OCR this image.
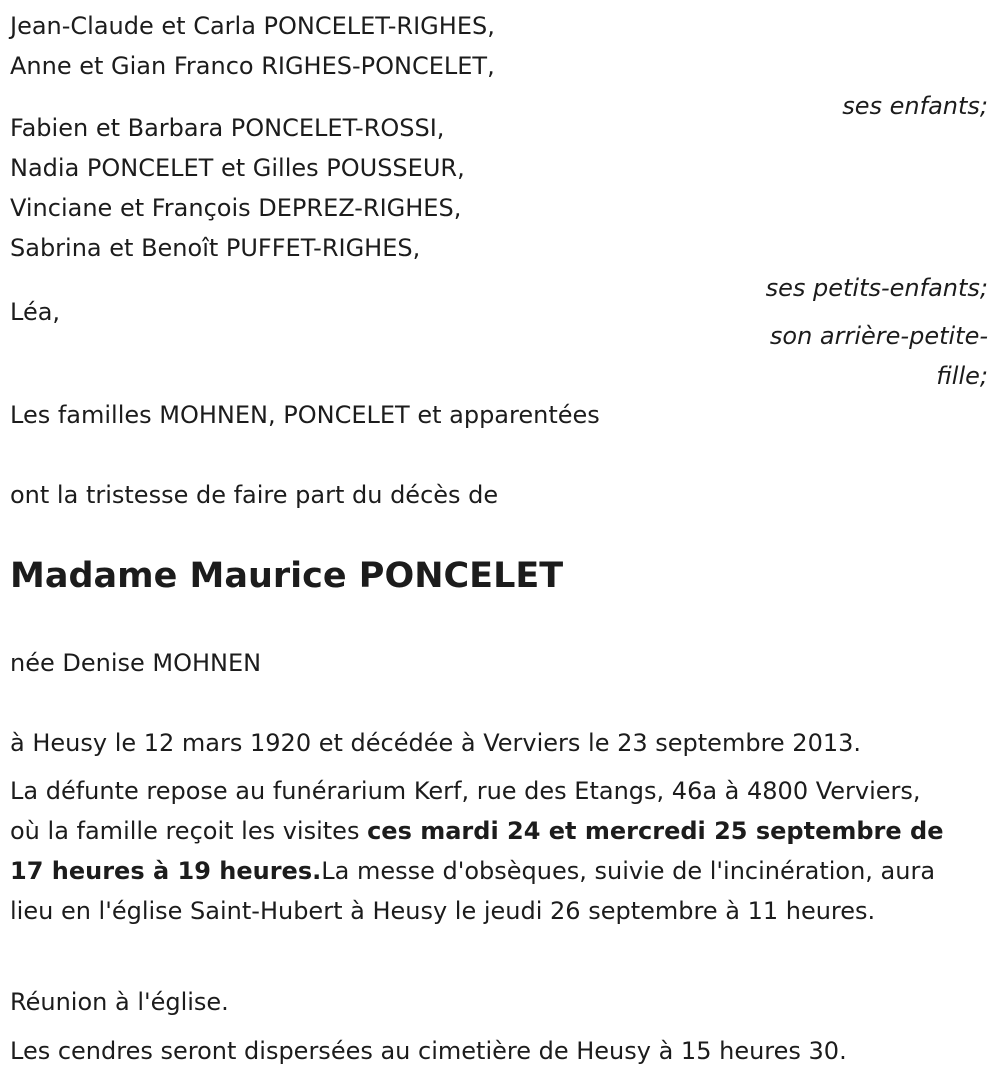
Jean-Claude et Carla PONCELET-RIGHES,
Anne et Gian Franco RIGHES-PONCELET,
ses enfants;
Fabien et Barbara PONCELET-ROSSI,
Nadia PONCELET et Gilles POUSSEUR,
Vinciane et François DEPREZ-RIGHES,
Sabrina et Benoît PUFFET-RIGHES,
ses petits-enfants;
Léa,
son arrière-petite-
fille;
Les familles MOHNEN, PONCELET et apparentées
ont la tristesse de faire part du décès de
Madame Maurice PONCELET
née Denise MOHNEN
à Heusy le 12 mars 1920 et décédée à Verviers le 23 septembre 2013.
La défunte repose au funérarium Kerf, rue des Etangs, 46a à 4800 Verviers, où la famille reçoit les visites ces mardi 24 et mercredi 25 septembre de 17 heures à 19 heures.La messe d'obsèques, suivie de l'incinération, aura lieu en l'église Saint-Hubert à Heusy le jeudi 26 septembre à 11 heures.
Réunion à l'église.
Les cendres seront dispersées au cimetière de Heusy à 15 heures 30.
